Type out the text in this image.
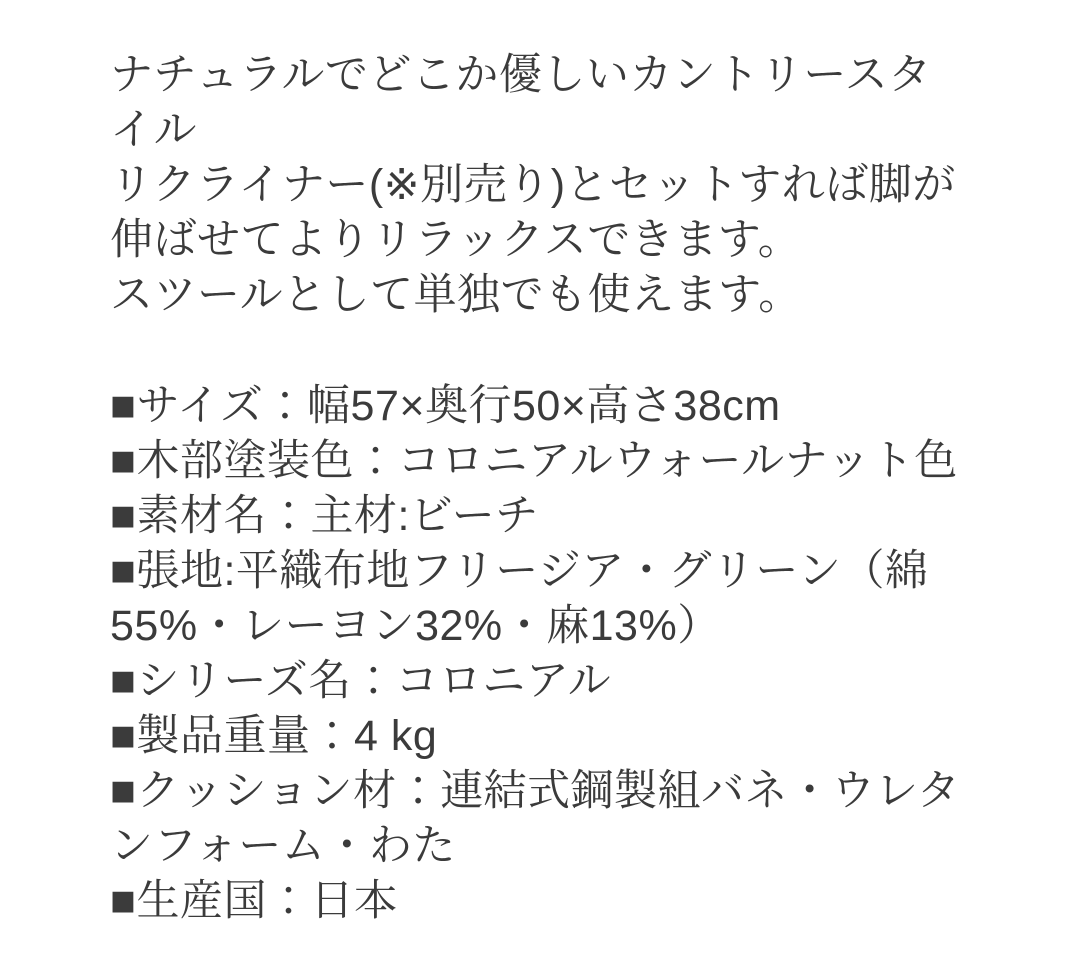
ナチュラルでどこか優しいカントリースタイル

リクライナー(※別売り)とセットすれば脚が伸ばせてよりリラックスできます。

スツールとして単独でも使えます。

■サイズ：幅57×奥行50×高さ38cm

■木部塗装色：コロニアルウォールナット色

■素材名：主材:ビーチ

■張地:平織布地フリージア・グリーン（綿55%・レーヨン32%・麻13%）

■シリーズ名：コロニアル

■製品重量：4 kg

■クッション材：連結式鋼製組バネ・ウレタンフォーム・わた

■生産国：日本
